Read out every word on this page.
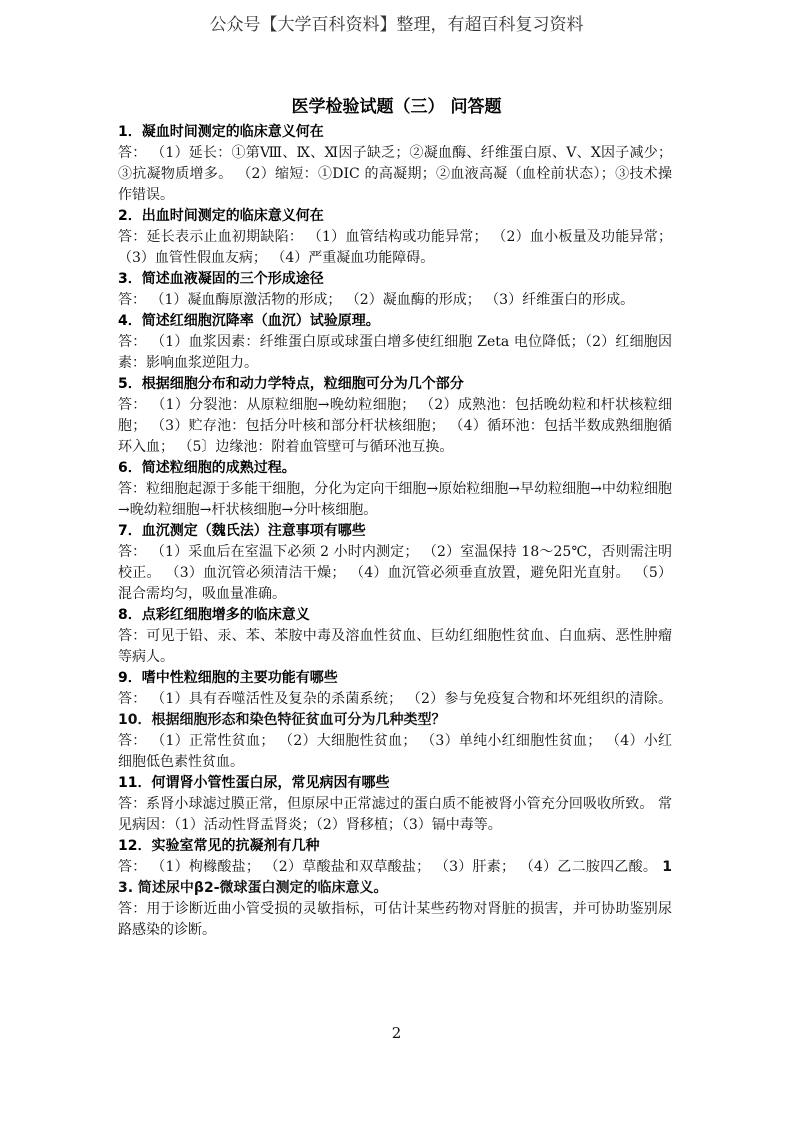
公众号【大学百科资料】整理，有超百科复习资料
医学检验试题（三） 问答题
1．凝血时间测定的临床意义何在
答： （1）延长：①第Ⅷ、Ⅸ、Ⅺ因子缺乏；②凝血酶、纤维蛋白原、Ⅴ、Ⅹ因子减少； ③抗凝物质增多。 （2）缩短：①DIC 的高凝期；②血液高凝（血栓前状态）；③技术操作错误。
2．出血时间测定的临床意义何在
答：延长表示止血初期缺陷： （1）血管结构或功能异常； （2）血小板量及功能异常； （3）血管性假血友病； （4）严重凝血功能障碍。
3．简述血液凝固的三个形成途径
答： （1）凝血酶原激活物的形成； （2）凝血酶的形成； （3）纤维蛋白的形成。
4．简述红细胞沉降率（血沉）试验原理。
答： （1）血浆因素：纤维蛋白原或球蛋白增多使红细胞 Zeta 电位降低；（2）红细胞因素：影响血浆逆阻力。
5．根据细胞分布和动力学特点，粒细胞可分为几个部分
答： （1）分裂池：从原粒细胞→晚幼粒细胞； （2）成熟池：包括晚幼粒和杆状核粒细胞； （3）贮存池：包括分叶核和部分杆状核细胞； （4）循环池：包括半数成熟细胞循环入血； （5〕边缘池：附着血管壁可与循环池互换。
6．简述粒细胞的成熟过程。
答：粒细胞起源于多能干细胞，分化为定向干细胞→原始粒细胞→早幼粒细胞→中幼粒细胞→晚幼粒细胞→杆状核细胞→分叶核细胞。
7．血沉测定（魏氏法）注意事项有哪些
答： （1）采血后在室温下必须 2 小时内测定； （2）室温保持 18～25℃，否则需注明校正。 （3）血沉管必须清洁干燥； （4）血沉管必须垂直放置，避免阳光直射。 （5）混合需均匀，吸血量准确。
8．点彩红细胞增多的临床意义
答：可见于铅、汞、苯、苯胺中毒及溶血性贫血、巨幼红细胞性贫血、白血病、恶性肿瘤等病人。
9．嗜中性粒细胞的主要功能有哪些
答： （1）具有吞噬活性及复杂的杀菌系统； （2）参与免疫复合物和坏死组织的清除。 10．根据细胞形态和染色特征贫血可分为几种类型？
答： （1）正常性贫血； （2）大细胞性贫血； （3）单纯小红细胞性贫血； （4）小红细胞低色素性贫血。
11．何谓肾小管性蛋白尿，常见病因有哪些
答：系肾小球滤过膜正常，但原尿中正常滤过的蛋白质不能被肾小管充分回吸收所致。 常见病因：（1）活动性肾盂肾炎；（2）肾移植；（3）镉中毒等。
12．实验室常见的抗凝剂有几种
答： （1）枸橼酸盐； （2）草酸盐和双草酸盐； （3）肝素； （4）乙二胺四乙酸。 13. 简述尿中β2-微球蛋白测定的临床意义。
答：用于诊断近曲小管受损的灵敏指标，可估计某些药物对肾脏的损害，并可协助鉴别尿路感染的诊断。
2
